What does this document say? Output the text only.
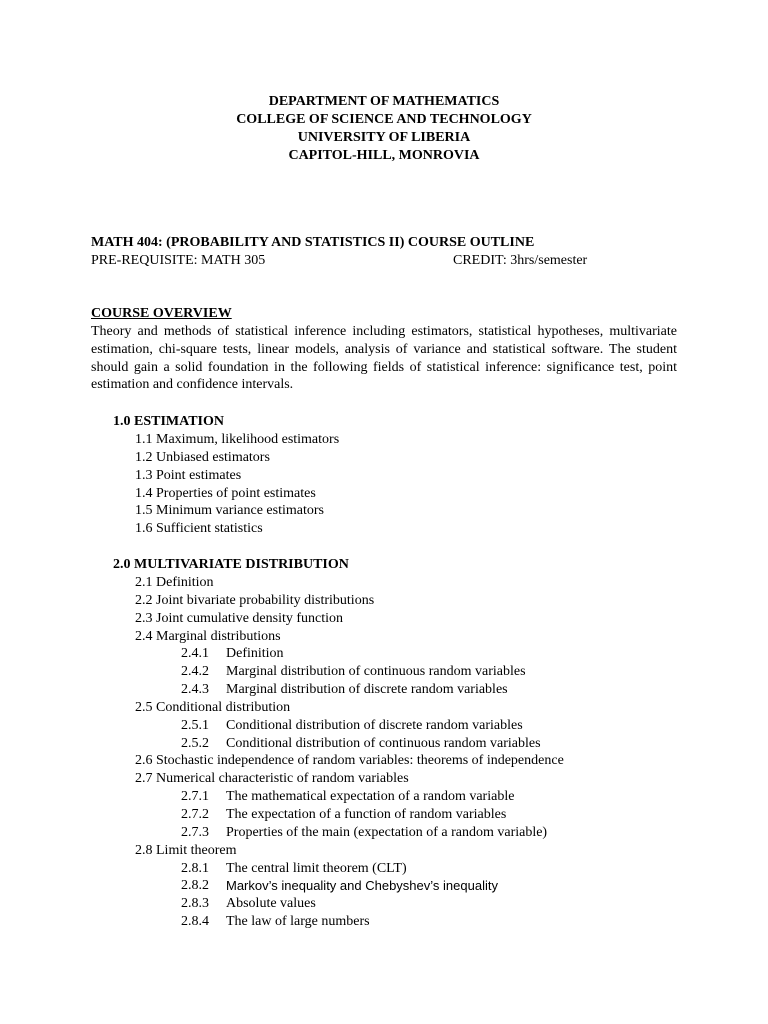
DEPARTMENT OF MATHEMATICS
COLLEGE OF SCIENCE AND TECHNOLOGY
UNIVERSITY OF LIBERIA
CAPITOL-HILL, MONROVIA
MATH 404: (PROBABILITY AND STATISTICS II) COURSE OUTLINE
PRE-REQUISITE: MATH 305	CREDIT: 3hrs/semester
COURSE OVERVIEW
Theory and methods of statistical inference including estimators, statistical hypotheses, multivariate estimation, chi-square tests, linear models, analysis of variance and statistical software. The student should gain a solid foundation in the following fields of statistical inference: significance test, point estimation and confidence intervals.
1.0 ESTIMATION
1.1 Maximum, likelihood estimators
1.2 Unbiased estimators
1.3 Point estimates
1.4 Properties of point estimates
1.5 Minimum variance estimators
1.6 Sufficient statistics
2.0 MULTIVARIATE DISTRIBUTION
2.1 Definition
2.2 Joint bivariate probability distributions
2.3 Joint cumulative density function
2.4 Marginal distributions
2.4.1 Definition
2.4.2 Marginal distribution of continuous random variables
2.4.3 Marginal distribution of discrete random variables
2.5 Conditional distribution
2.5.1 Conditional distribution of discrete random variables
2.5.2 Conditional distribution of continuous random variables
2.6 Stochastic independence of random variables: theorems of independence
2.7 Numerical characteristic of random variables
2.7.1 The mathematical expectation of a random variable
2.7.2 The expectation of a function of random variables
2.7.3 Properties of the main (expectation of a random variable)
2.8 Limit theorem
2.8.1 The central limit theorem (CLT)
2.8.2 Markov’s inequality and Chebyshev’s inequality
2.8.3 Absolute values
2.8.4 The law of large numbers
